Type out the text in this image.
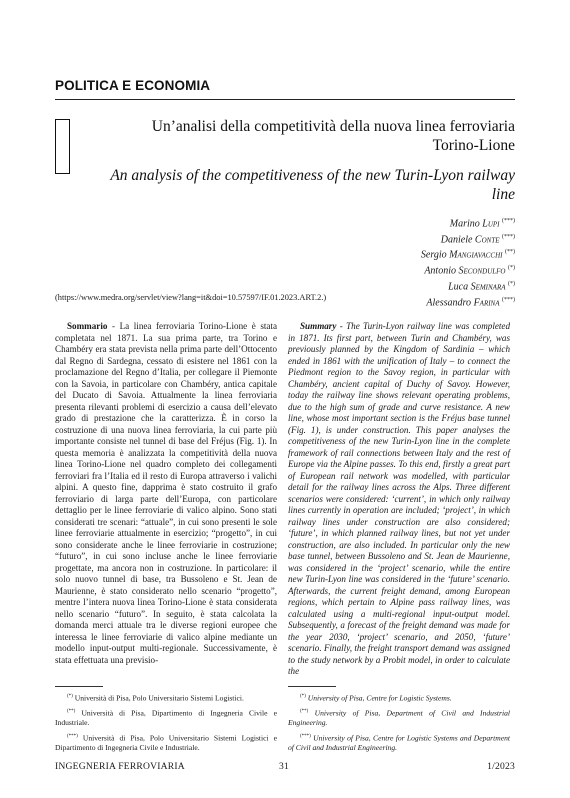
POLITICA E ECONOMIA
Un’analisi della competitività della nuova linea ferroviaria Torino-Lione
An analysis of the competitiveness of the new Turin-Lyon railway line
Marino Lupi (***)
Daniele Conte (***)
Sergio Mangiavacchi (**)
Antonio Secondulfo (*)
Luca Seminara (*)
Alessandro Farina (***)
(https://www.medra.org/servlet/view?lang=it&doi=10.57597/IF.01.2023.ART.2.)

Sommario - La linea ferroviaria Torino-Lione è stata completata nel 1871. La sua prima parte, tra Torino e Chambéry era stata prevista nella prima parte dell’Ottocento dal Regno di Sardegna, cessato di esistere nel 1861 con la proclamazione del Regno d’Italia, per collegare il Piemonte con la Savoia, in particolare con Chambéry, antica capitale del Ducato di Savoia. Attualmente la linea ferroviaria presenta rilevanti problemi di esercizio a causa dell’elevato grado di prestazione che la caratterizza. È in corso la costruzione di una nuova linea ferroviaria, la cui parte più importante consiste nel tunnel di base del Fréjus (Fig. 1). In questa memoria è analizzata la competitività della nuova linea Torino-Lione nel quadro completo dei collegamenti ferroviari fra l’Italia ed il resto di Europa attraverso i valichi alpini. A questo fine, dapprima è stato costruito il grafo ferroviario di larga parte dell’Europa, con particolare dettaglio per le linee ferroviarie di valico alpino. Sono stati considerati tre scenari: “attuale”, in cui sono presenti le sole linee ferroviarie attualmente in esercizio; “progetto”, in cui sono considerate anche le linee ferroviarie in costruzione; “futuro”, in cui sono incluse anche le linee ferroviarie progettate, ma ancora non in costruzione. In particolare: il solo nuovo tunnel di base, tra Bussoleno e St. Jean de Maurienne, è stato considerato nello scenario “progetto”, mentre l’intera nuova linea Torino-Lione è stata considerata nello scenario “futuro”. In seguito, è stata calcolata la domanda merci attuale tra le diverse regioni europee che interessa le linee ferroviarie di valico alpine mediante un modello input-output multi-regionale. Successivamente, è stata effettuata una previsio-

Summary - The Turin-Lyon railway line was completed in 1871. Its first part, between Turin and Chambéry, was previously planned by the Kingdom of Sardinia – which ended in 1861 with the unification of Italy – to connect the Piedmont region to the Savoy region, in particular with Chambéry, ancient capital of Duchy of Savoy. However, today the railway line shows relevant operating problems, due to the high sum of grade and curve resistance. A new line, whose most important section is the Fréjus base tunnel (Fig. 1), is under construction. This paper analyses the competitiveness of the new Turin-Lyon line in the complete framework of rail connections between Italy and the rest of Europe via the Alpine passes. To this end, firstly a great part of European rail network was modelled, with particular detail for the railway lines across the Alps. Three different scenarios were considered: ‘current’, in which only railway lines currently in operation are included; ‘project’, in which railway lines under construction are also considered; ‘future’, in which planned railway lines, but not yet under construction, are also included. In particular only the new base tunnel, between Bussoleno and St. Jean de Maurienne, was considered in the ‘project’ scenario, while the entire new Turin-Lyon line was considered in the ‘future’ scenario. Afterwards, the current freight demand, among European regions, which pertain to Alpine pass railway lines, was calculated using a multi-regional input-output model. Subsequently, a forecast of the freight demand was made for the year 2030, ‘project’ scenario, and 2050, ‘future’ scenario. Finally, the freight transport demand was assigned to the study network by a Probit model, in order to calculate the

(*) Università di Pisa, Polo Universitario Sistemi Logistici.

(**) Università di Pisa, Dipartimento di Ingegneria Civile e Industriale.

(***) Università di Pisa, Polo Universitario Sistemi Logistici e Dipartimento di Ingegneria Civile e Industriale.

(*) University of Pisa, Centre for Logistic Systems.

(**) University of Pisa, Department of Civil and Industrial Engineering.

(***) University of Pisa, Centre for Logistic Systems and Department of Civil and Industrial Engineering.

INGEGNERIA FERROVIARIA	31	1/2023
